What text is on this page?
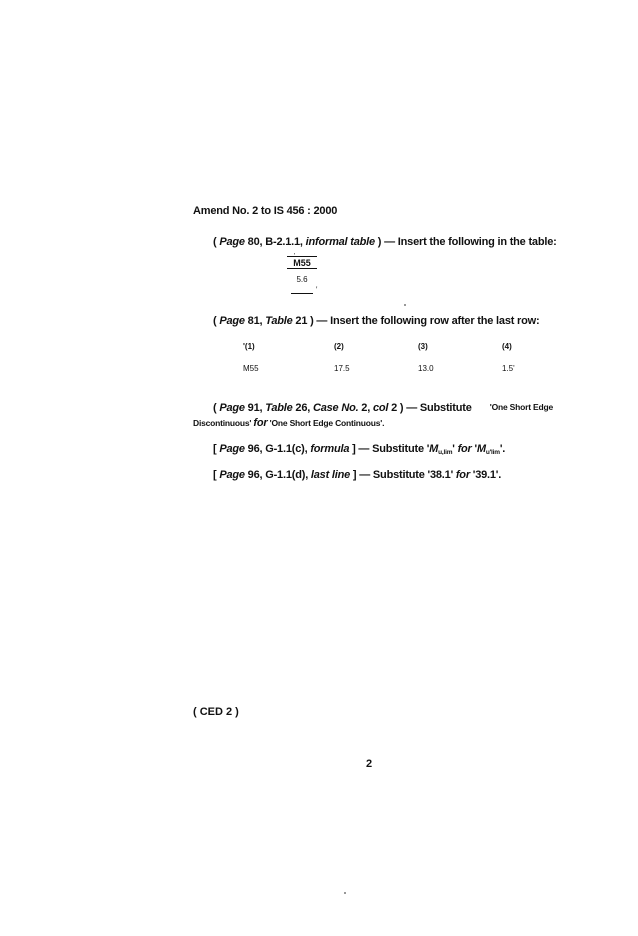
Amend No. 2 to IS 456 : 2000
( Page 80, B-2.1.1, informal table ) — Insert the following in the table:
'
M55
5.6
'
( Page 81, Table 21 ) — Insert the following row after the last row:
'(1)	(2)	(3)	(4)
M55	17.5	13.0	1.5'
( Page 91, Table 26, Case No. 2, col 2 ) — Substitute 'One Short Edge
Discontinuous' for 'One Short Edge Continuous'.
[ Page 96, G-1.1(c), formula ] — Substitute '$M_{u,lim}$' for '$M_{u'lim}$'.
[ Page 96, G-1.1(d), last line ] — Substitute '38.1' for '39.1'.
( CED 2 )
2
